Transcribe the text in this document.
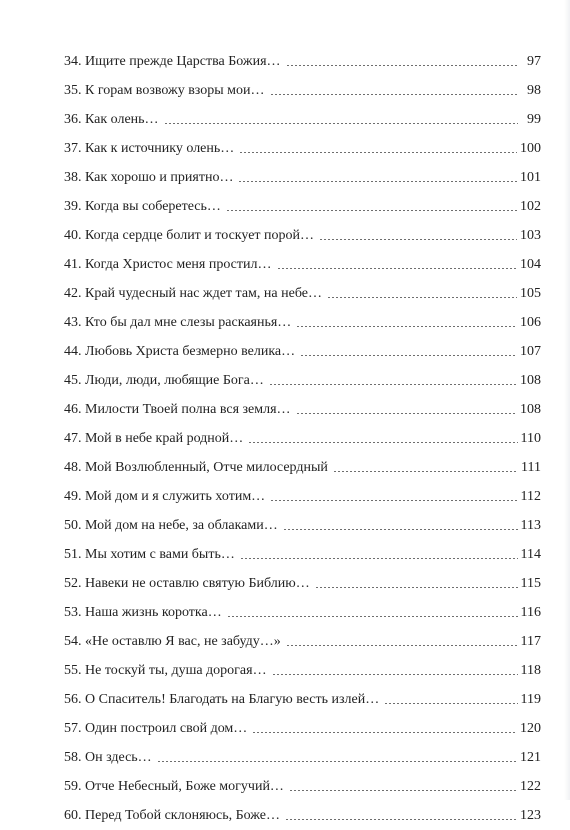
34. Ищите прежде Царства Божия…	97
35. К горам возвожу взоры мои…	98
36. Как олень…	99
37. Как к источнику олень…	100
38. Как хорошо и приятно…	101
39. Когда вы соберетесь…	102
40. Когда сердце болит и тоскует порой…	103
41. Когда Христос меня простил…	104
42. Край чудесный нас ждет там, на небе…	105
43. Кто бы дал мне слезы раскаянья…	106
44. Любовь Христа безмерно велика…	107
45. Люди, люди, любящие Бога…	108
46. Милости Твоей полна вся земля…	108
47. Мой в небе край родной…	110
48. Мой Возлюбленный, Отче милосердный	111
49. Мой дом и я служить хотим…	112
50. Мой дом на небе, за облаками…	113
51. Мы хотим с вами быть…	114
52. Навеки не оставлю святую Библию…	115
53. Наша жизнь коротка…	116
54. «Не оставлю Я вас, не забуду…»	117
55. Не тоскуй ты, душа дорогая…	118
56. О Спаситель! Благодать на Благую весть излей…	119
57. Один построил свой дом…	120
58. Он здесь…	121
59. Отче Небесный, Боже могучий…	122
60. Перед Тобой склоняюсь, Боже…	123
